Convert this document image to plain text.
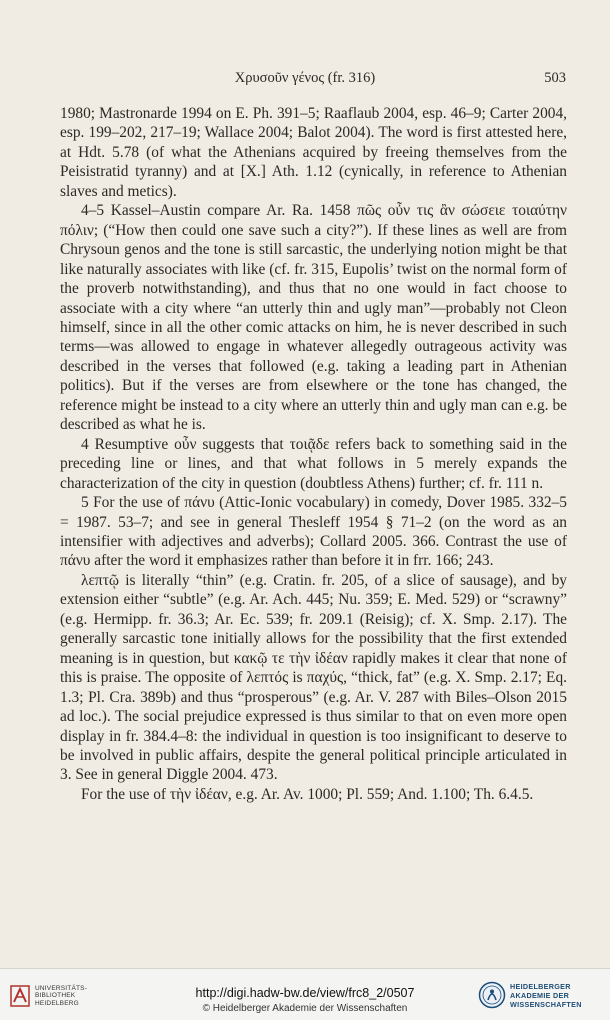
Χρυσοῦν γένος (fr. 316)	503

1980; Mastronarde 1994 on E. Ph. 391–5; Raaflaub 2004, esp. 46–9; Carter 2004, esp. 199–202, 217–19; Wallace 2004; Balot 2004). The word is first attested here, at Hdt. 5.78 (of what the Athenians acquired by freeing themselves from the Peisistratid tyranny) and at [X.] Ath. 1.12 (cynically, in reference to Athenian slaves and metics).

4–5 Kassel–Austin compare Ar. Ra. 1458 πῶς οὖν τις ἂν σώσειε τοιαύτην πόλιν; (“How then could one save such a city?”). If these lines as well are from Chrysoun genos and the tone is still sarcastic, the underlying notion might be that like naturally associates with like (cf. fr. 315, Eupolis’ twist on the normal form of the proverb notwithstanding), and thus that no one would in fact choose to associate with a city where “an utterly thin and ugly man”—probably not Cleon himself, since in all the other comic attacks on him, he is never described in such terms—was allowed to engage in whatever allegedly outrageous activity was described in the verses that followed (e.g. taking a leading part in Athenian politics). But if the verses are from elsewhere or the tone has changed, the reference might be instead to a city where an utterly thin and ugly man can e.g. be described as what he is.

4 Resumptive οὖν suggests that τοιᾷδε refers back to something said in the preceding line or lines, and that what follows in 5 merely expands the characterization of the city in question (doubtless Athens) further; cf. fr. 111 n.

5 For the use of πάνυ (Attic-Ionic vocabulary) in comedy, Dover 1985. 332–5 = 1987. 53–7; and see in general Thesleff 1954 § 71–2 (on the word as an intensifier with adjectives and adverbs); Collard 2005. 366. Contrast the use of πάνυ after the word it emphasizes rather than before it in frr. 166; 243.

λεπτῷ is literally “thin” (e.g. Cratin. fr. 205, of a slice of sausage), and by extension either “subtle” (e.g. Ar. Ach. 445; Nu. 359; E. Med. 529) or “scrawny” (e.g. Hermipp. fr. 36.3; Ar. Ec. 539; fr. 209.1 (Reisig); cf. X. Smp. 2.17). The generally sarcastic tone initially allows for the possibility that the first extended meaning is in question, but κακῷ τε τὴν ἰδέαν rapidly makes it clear that none of this is praise. The opposite of λεπτός is παχύς, “thick, fat” (e.g. X. Smp. 2.17; Eq. 1.3; Pl. Cra. 389b) and thus “prosperous” (e.g. Ar. V. 287 with Biles–Olson 2015 ad loc.). The social prejudice expressed is thus similar to that on even more open display in fr. 384.4–8: the individual in question is too insignificant to deserve to be involved in public affairs, despite the general political principle articulated in 3. See in general Diggle 2004. 473.

For the use of τὴν ἰδέαν, e.g. Ar. Av. 1000; Pl. 559; And. 1.100; Th. 6.4.5.

UNIVERSITÄTS- BIBLIOTHEK HEIDELBERG
http://digi.hadw-bw.de/view/frc8_2/0507
© Heidelberger Akademie der Wissenschaften
HEIDELBERGER AKADEMIE DER WISSENSCHAFTEN
